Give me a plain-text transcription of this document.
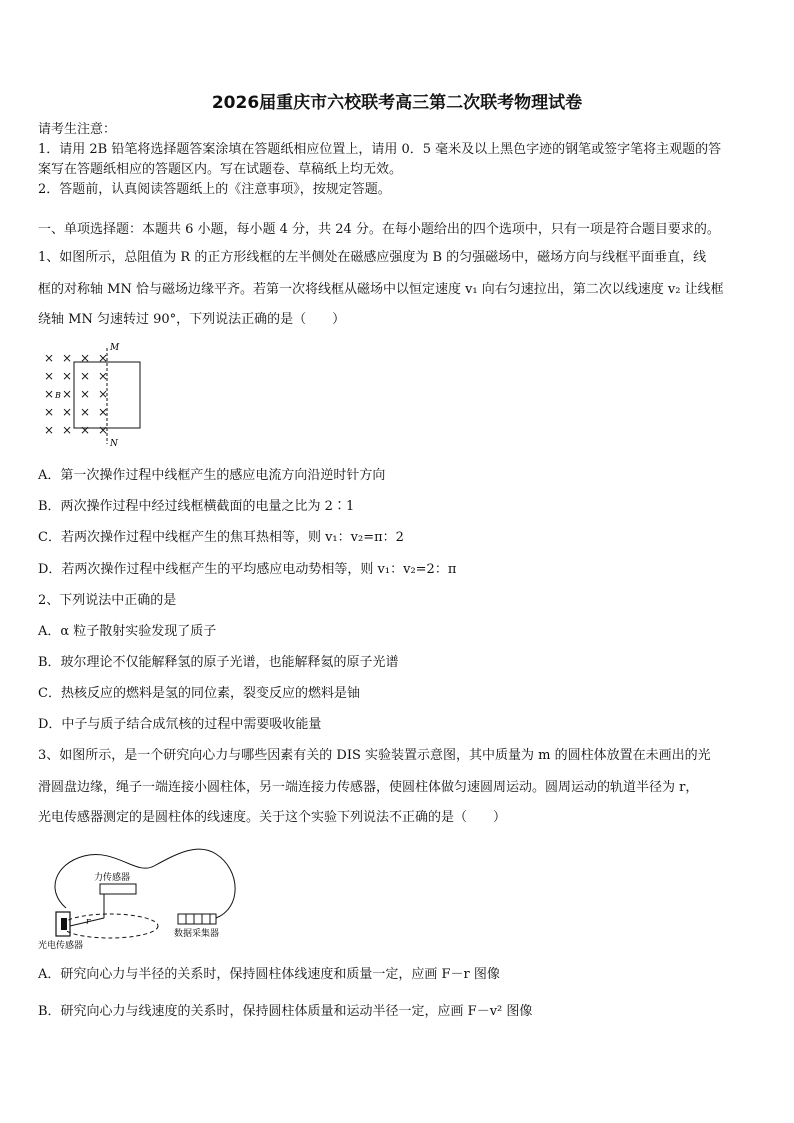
2026届重庆市六校联考高三第二次联考物理试卷
请考生注意：
1．请用 2B 铅笔将选择题答案涂填在答题纸相应位置上，请用 0．5 毫米及以上黑色字迹的钢笔或签字笔将主观题的答
案写在答题纸相应的答题区内。写在试题卷、草稿纸上均无效。
2．答题前，认真阅读答题纸上的《注意事项》，按规定答题。
一、单项选择题：本题共 6 小题，每小题 4 分，共 24 分。在每小题给出的四个选项中，只有一项是符合题目要求的。
1、如图所示，总阻值为 R 的正方形线框的左半侧处在磁感应强度为 B 的匀强磁场中，磁场方向与线框平面垂直，线
框的对称轴 MN 恰与磁场边缘平齐。若第一次将线框从磁场中以恒定速度 v₁ 向右匀速拉出，第二次以线速度 v₂ 让线框
绕轴 MN 匀速转过 90°，下列说法正确的是（　　）
× × × ×
× × × ×
× × ×
× × × ×
× × × ×
× B
M
N
A．第一次操作过程中线框产生的感应电流方向沿逆时针方向
B．两次操作过程中经过线框横截面的电量之比为 2∶1
C．若两次操作过程中线框产生的焦耳热相等，则 v₁：v₂=π：2
D．若两次操作过程中线框产生的平均感应电动势相等，则 v₁：v₂=2：π
2、下列说法中正确的是
A．α 粒子散射实验发现了质子
B．玻尔理论不仅能解释氢的原子光谱，也能解释氦的原子光谱
C．热核反应的燃料是氢的同位素，裂变反应的燃料是铀
D．中子与质子结合成氘核的过程中需要吸收能量
3、如图所示，是一个研究向心力与哪些因素有关的 DIS 实验装置示意图，其中质量为 m 的圆柱体放置在未画出的光
滑圆盘边缘，绳子一端连接小圆柱体，另一端连接力传感器，使圆柱体做匀速圆周运动。圆周运动的轨道半径为 r，
光电传感器测定的是圆柱体的线速度。关于这个实验下列说法不正确的是（　　）
力传感器
r
光电传感器
数据采集器
A．研究向心力与半径的关系时，保持圆柱体线速度和质量一定，应画 F－r 图像
B．研究向心力与线速度的关系时，保持圆柱体质量和运动半径一定，应画 F－v² 图像
